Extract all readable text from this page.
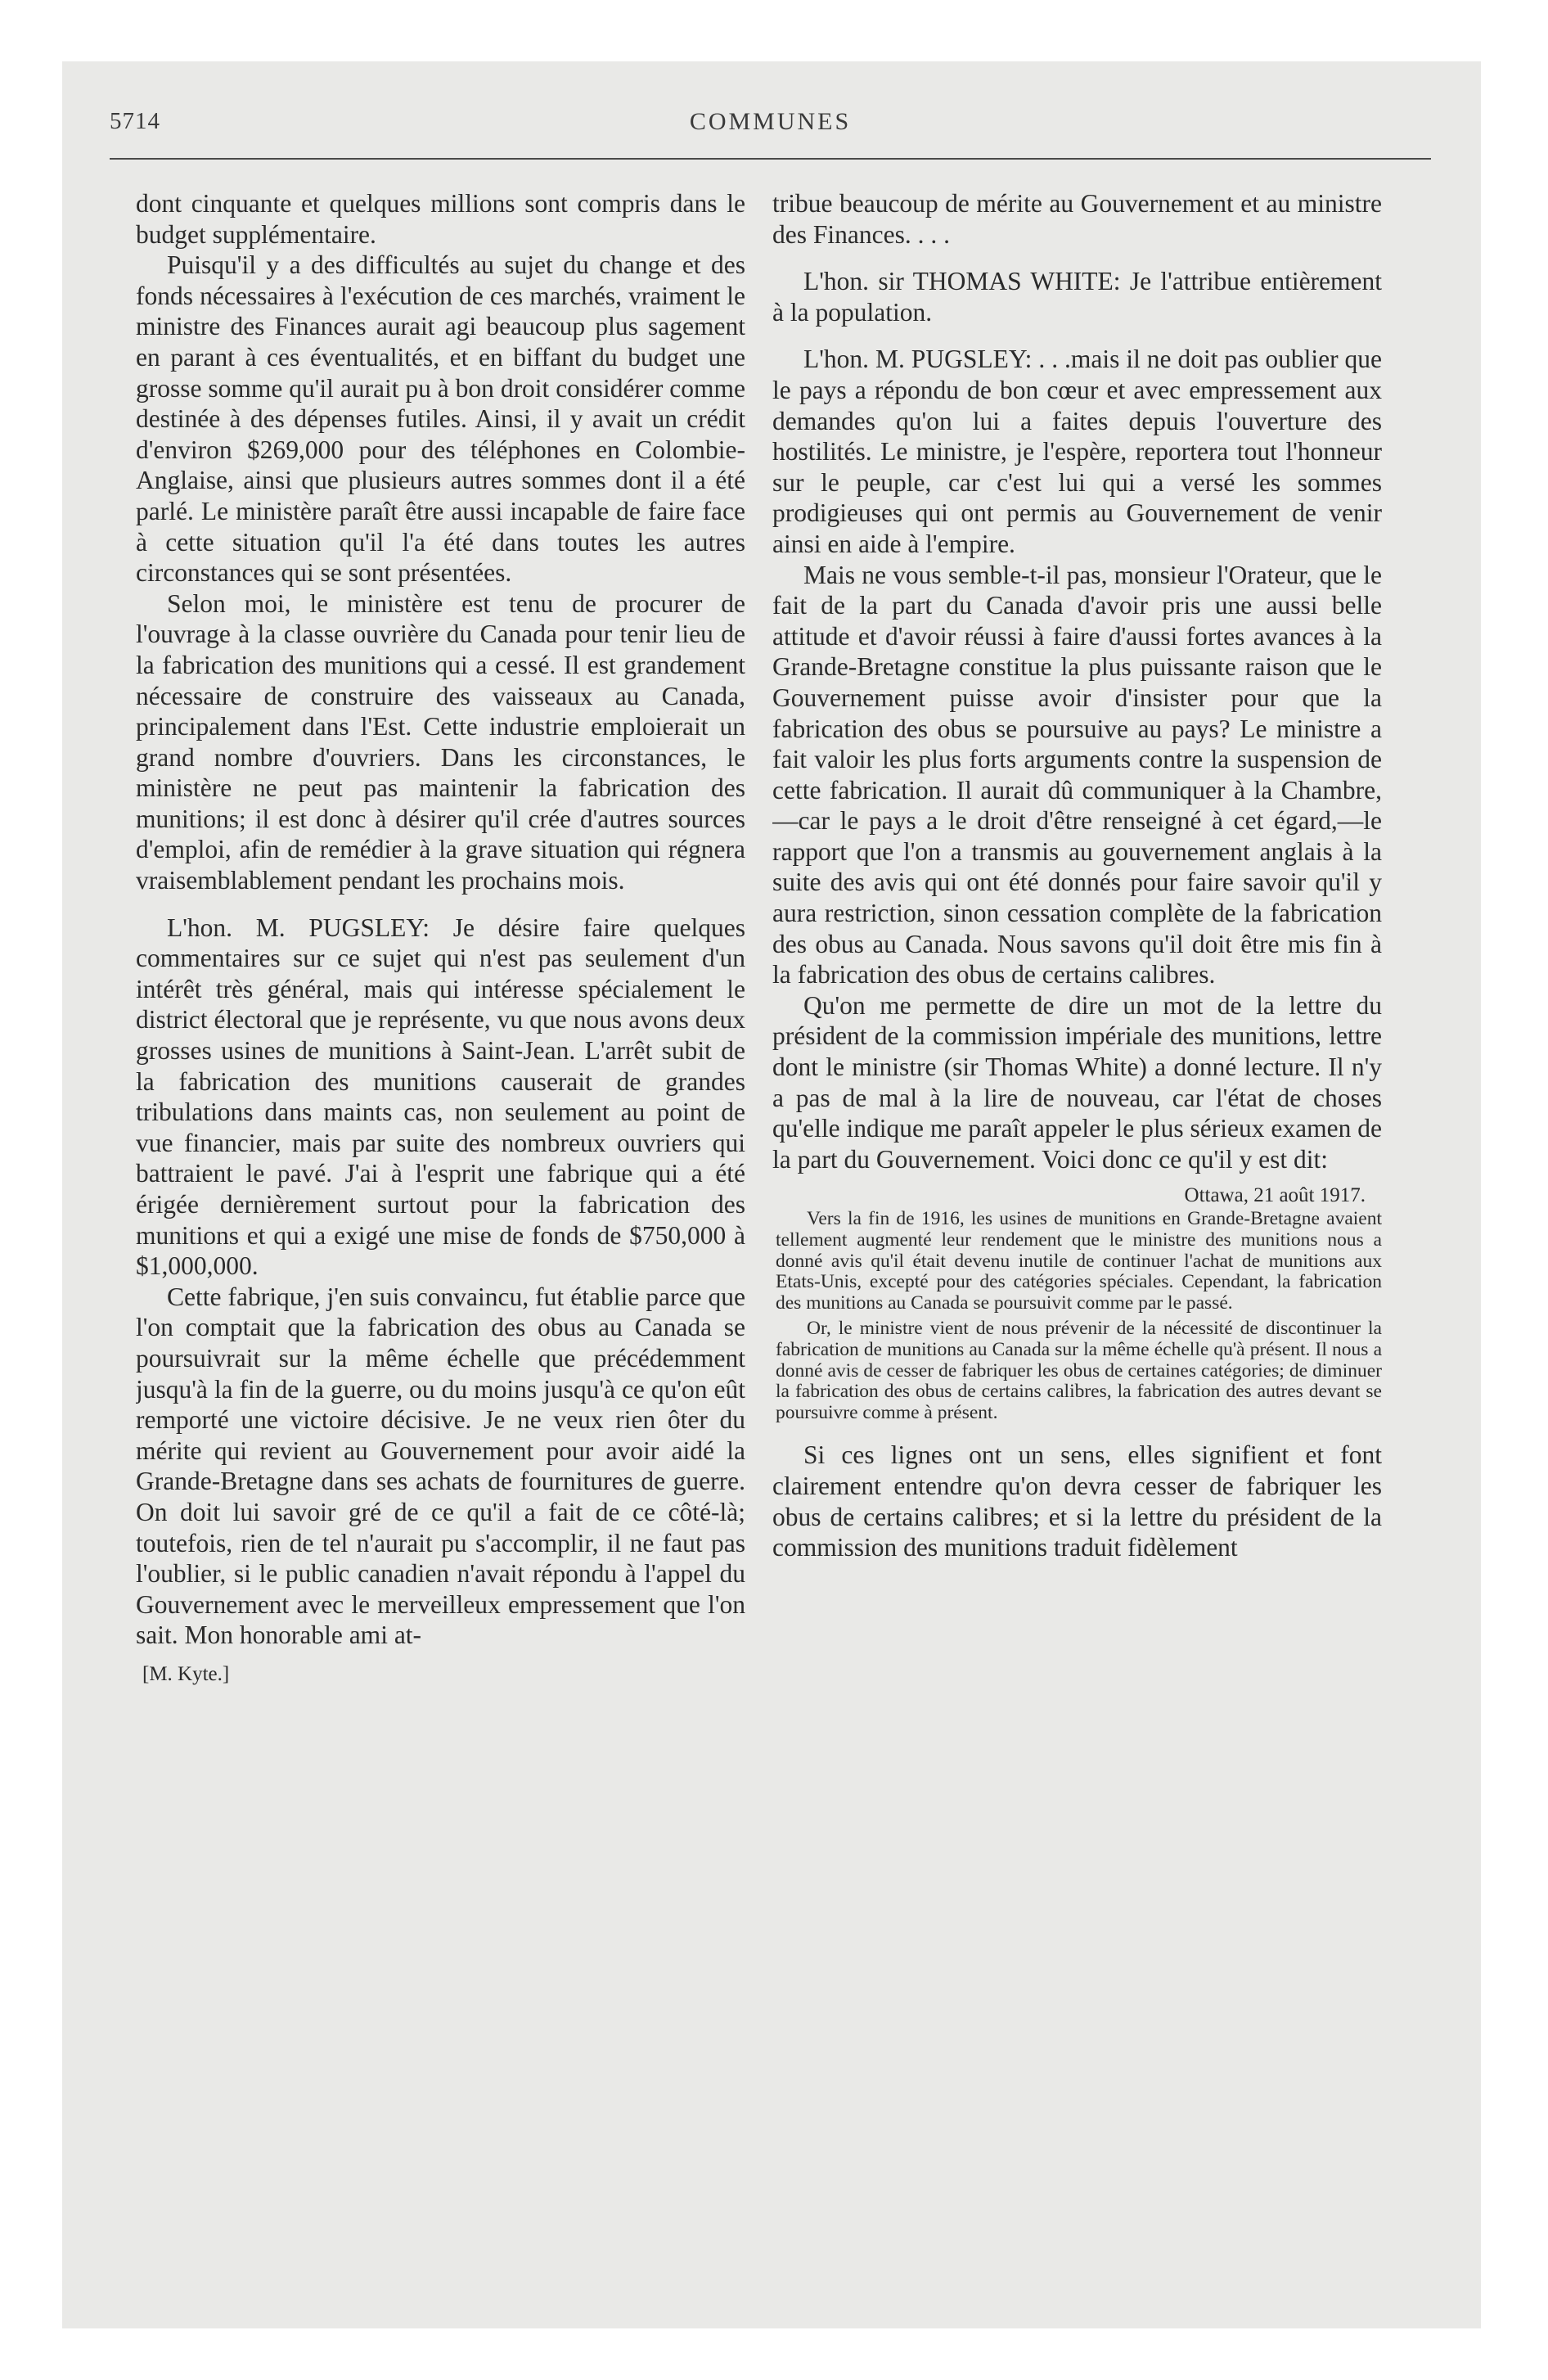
5714	COMMUNES

dont cinquante et quelques millions sont compris dans le budget supplémentaire.

Puisqu'il y a des difficultés au sujet du change et des fonds nécessaires à l'exécution de ces marchés, vraiment le ministre des Finances aurait agi beaucoup plus sagement en parant à ces éventualités, et en biffant du budget une grosse somme qu'il aurait pu à bon droit considérer comme destinée à des dépenses futiles. Ainsi, il y avait un crédit d'environ $269,000 pour des téléphones en Colombie-Anglaise, ainsi que plusieurs autres sommes dont il a été parlé. Le ministère paraît être aussi incapable de faire face à cette situation qu'il l'a été dans toutes les autres circonstances qui se sont présentées.

Selon moi, le ministère est tenu de procurer de l'ouvrage à la classe ouvrière du Canada pour tenir lieu de la fabrication des munitions qui a cessé. Il est grandement nécessaire de construire des vaisseaux au Canada, principalement dans l'Est. Cette industrie emploierait un grand nombre d'ouvriers. Dans les circonstances, le ministère ne peut pas maintenir la fabrication des munitions; il est donc à désirer qu'il crée d'autres sources d'emploi, afin de remédier à la grave situation qui régnera vraisemblablement pendant les prochains mois.

L'hon. M. PUGSLEY: Je désire faire quelques commentaires sur ce sujet qui n'est pas seulement d'un intérêt très général, mais qui intéresse spécialement le district électoral que je représente, vu que nous avons deux grosses usines de munitions à Saint-Jean. L'arrêt subit de la fabrication des munitions causerait de grandes tribulations dans maints cas, non seulement au point de vue financier, mais par suite des nombreux ouvriers qui battraient le pavé. J'ai à l'esprit une fabrique qui a été érigée dernièrement surtout pour la fabrication des munitions et qui a exigé une mise de fonds de $750,000 à $1,000,000.

Cette fabrique, j'en suis convaincu, fut établie parce que l'on comptait que la fabrication des obus au Canada se poursuivrait sur la même échelle que précédemment jusqu'à la fin de la guerre, ou du moins jusqu'à ce qu'on eût remporté une victoire décisive. Je ne veux rien ôter du mérite qui revient au Gouvernement pour avoir aidé la Grande-Bretagne dans ses achats de fournitures de guerre. On doit lui savoir gré de ce qu'il a fait de ce côté-là; toutefois, rien de tel n'aurait pu s'accomplir, il ne faut pas l'oublier, si le public canadien n'avait répondu à l'appel du Gouvernement avec le merveilleux empressement que l'on sait. Mon honorable ami at-

[M. Kyte.]

tribue beaucoup de mérite au Gouvernement et au ministre des Finances. . . .

L'hon. sir THOMAS WHITE: Je l'attribue entièrement à la population.

L'hon. M. PUGSLEY: . . .mais il ne doit pas oublier que le pays a répondu de bon cœur et avec empressement aux demandes qu'on lui a faites depuis l'ouverture des hostilités. Le ministre, je l'espère, reportera tout l'honneur sur le peuple, car c'est lui qui a versé les sommes prodigieuses qui ont permis au Gouvernement de venir ainsi en aide à l'empire.

Mais ne vous semble-t-il pas, monsieur l'Orateur, que le fait de la part du Canada d'avoir pris une aussi belle attitude et d'avoir réussi à faire d'aussi fortes avances à la Grande-Bretagne constitue la plus puissante raison que le Gouvernement puisse avoir d'insister pour que la fabrication des obus se poursuive au pays? Le ministre a fait valoir les plus forts arguments contre la suspension de cette fabrication. Il aurait dû communiquer à la Chambre,—car le pays a le droit d'être renseigné à cet égard,—le rapport que l'on a transmis au gouvernement anglais à la suite des avis qui ont été donnés pour faire savoir qu'il y aura restriction, sinon cessation complète de la fabrication des obus au Canada. Nous savons qu'il doit être mis fin à la fabrication des obus de certains calibres.

Qu'on me permette de dire un mot de la lettre du président de la commission impériale des munitions, lettre dont le ministre (sir Thomas White) a donné lecture. Il n'y a pas de mal à la lire de nouveau, car l'état de choses qu'elle indique me paraît appeler le plus sérieux examen de la part du Gouvernement. Voici donc ce qu'il y est dit:

Ottawa, 21 août 1917.

Vers la fin de 1916, les usines de munitions en Grande-Bretagne avaient tellement augmenté leur rendement que le ministre des munitions nous a donné avis qu'il était devenu inutile de continuer l'achat de munitions aux Etats-Unis, excepté pour des catégories spéciales. Cependant, la fabrication des munitions au Canada se poursuivit comme par le passé.

Or, le ministre vient de nous prévenir de la nécessité de discontinuer la fabrication de munitions au Canada sur la même échelle qu'à présent. Il nous a donné avis de cesser de fabriquer les obus de certaines catégories; de diminuer la fabrication des obus de certains calibres, la fabrication des autres devant se poursuivre comme à présent.

Si ces lignes ont un sens, elles signifient et font clairement entendre qu'on devra cesser de fabriquer les obus de certains calibres; et si la lettre du président de la commission des munitions traduit fidèlement
